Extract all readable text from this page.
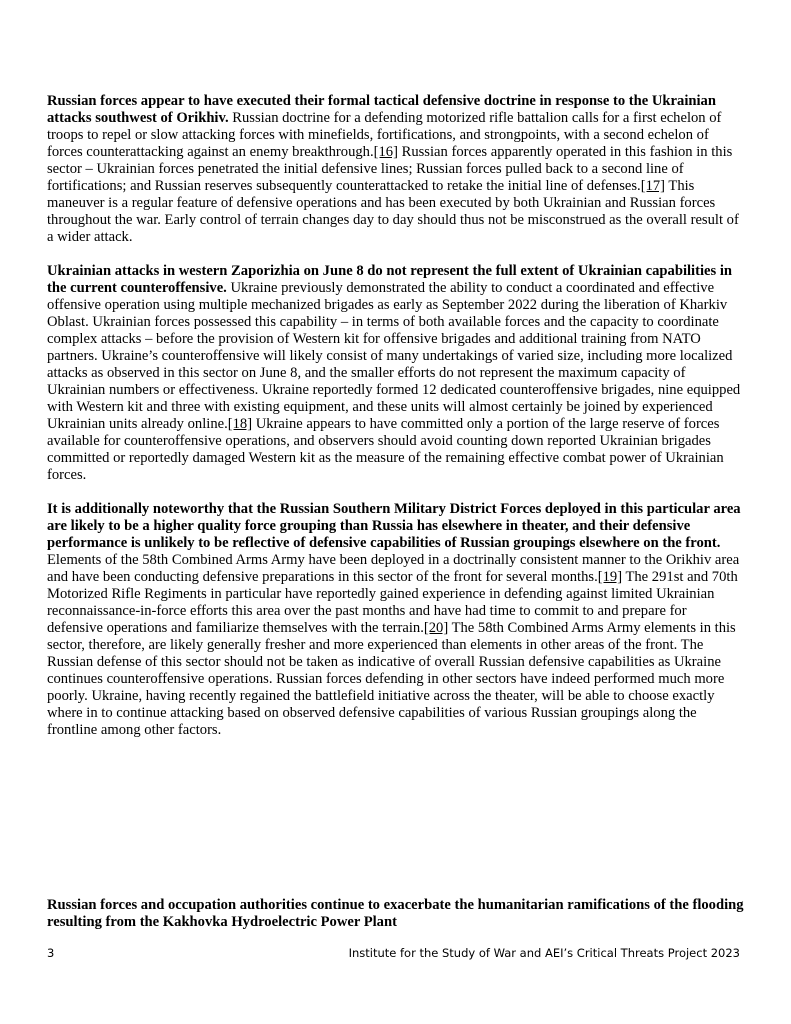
Russian forces appear to have executed their formal tactical defensive doctrine in response to the Ukrainian attacks southwest of Orikhiv. Russian doctrine for a defending motorized rifle battalion calls for a first echelon of troops to repel or slow attacking forces with minefields, fortifications, and strongpoints, with a second echelon of forces counterattacking against an enemy breakthrough.[16] Russian forces apparently operated in this fashion in this sector – Ukrainian forces penetrated the initial defensive lines; Russian forces pulled back to a second line of fortifications; and Russian reserves subsequently counterattacked to retake the initial line of defenses.[17] This maneuver is a regular feature of defensive operations and has been executed by both Ukrainian and Russian forces throughout the war. Early control of terrain changes day to day should thus not be misconstrued as the overall result of a wider attack.

Ukrainian attacks in western Zaporizhia on June 8 do not represent the full extent of Ukrainian capabilities in the current counteroffensive. Ukraine previously demonstrated the ability to conduct a coordinated and effective offensive operation using multiple mechanized brigades as early as September 2022 during the liberation of Kharkiv Oblast. Ukrainian forces possessed this capability – in terms of both available forces and the capacity to coordinate complex attacks – before the provision of Western kit for offensive brigades and additional training from NATO partners. Ukraine’s counteroffensive will likely consist of many undertakings of varied size, including more localized attacks as observed in this sector on June 8, and the smaller efforts do not represent the maximum capacity of Ukrainian numbers or effectiveness. Ukraine reportedly formed 12 dedicated counteroffensive brigades, nine equipped with Western kit and three with existing equipment, and these units will almost certainly be joined by experienced Ukrainian units already online.[18] Ukraine appears to have committed only a portion of the large reserve of forces available for counteroffensive operations, and observers should avoid counting down reported Ukrainian brigades committed or reportedly damaged Western kit as the measure of the remaining effective combat power of Ukrainian forces.

It is additionally noteworthy that the Russian Southern Military District Forces deployed in this particular area are likely to be a higher quality force grouping than Russia has elsewhere in theater, and their defensive performance is unlikely to be reflective of defensive capabilities of Russian groupings elsewhere on the front. Elements of the 58th Combined Arms Army have been deployed in a doctrinally consistent manner to the Orikhiv area and have been conducting defensive preparations in this sector of the front for several months.[19] The 291st and 70th Motorized Rifle Regiments in particular have reportedly gained experience in defending against limited Ukrainian reconnaissance-in-force efforts this area over the past months and have had time to commit to and prepare for defensive operations and familiarize themselves with the terrain.[20] The 58th Combined Arms Army elements in this sector, therefore, are likely generally fresher and more experienced than elements in other areas of the front. The Russian defense of this sector should not be taken as indicative of overall Russian defensive capabilities as Ukraine continues counteroffensive operations. Russian forces defending in other sectors have indeed performed much more poorly. Ukraine, having recently regained the battlefield initiative across the theater, will be able to choose exactly where in to continue attacking based on observed defensive capabilities of various Russian groupings along the frontline among other factors.

Russian forces and occupation authorities continue to exacerbate the humanitarian ramifications of the flooding resulting from the Kakhovka Hydroelectric Power Plant
3	Institute for the Study of War and AEI’s Critical Threats Project 2023
